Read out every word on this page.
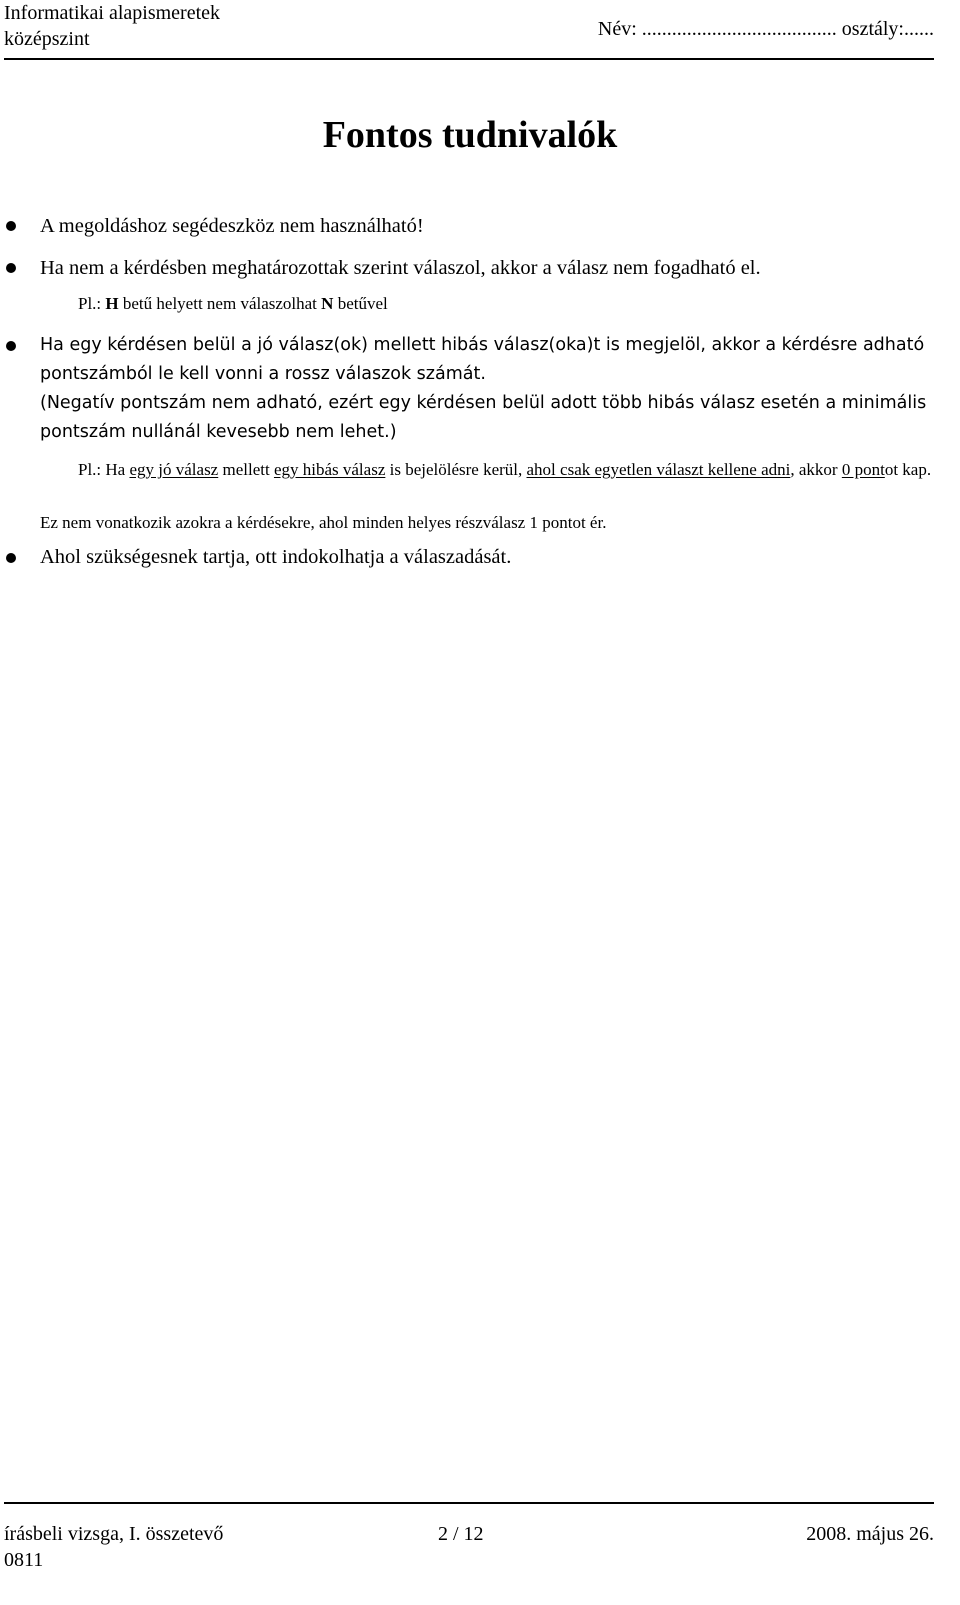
Informatikai alapismeretek
középszint	Név: ....................................... osztály:......
Fontos tudnivalók
A megoldáshoz segédeszköz nem használható!
Ha nem a kérdésben meghatározottak szerint válaszol, akkor a válasz nem fogadható el.
Pl.: H betű helyett nem válaszolhat N betűvel
Ha egy kérdésen belül a jó válasz(ok) mellett hibás válasz(oka)t is megjelöl, akkor a kérdésre adható pontszámból le kell vonni a rossz válaszok számát.
(Negatív pontszám nem adható, ezért egy kérdésen belül adott több hibás válasz esetén a minimális pontszám nullánál kevesebb nem lehet.)
Pl.: Ha egy jó válasz mellett egy hibás válasz is bejelölésre kerül, ahol csak egyetlen választ kellene adni, akkor 0 pontot kap.
Ez nem vonatkozik azokra a kérdésekre, ahol minden helyes részválasz 1 pontot ér.
Ahol szükségesnek tartja, ott indokolhatja a válaszadását.
írásbeli vizsga, I. összetevő
0811
2 / 12	2008. május 26.
